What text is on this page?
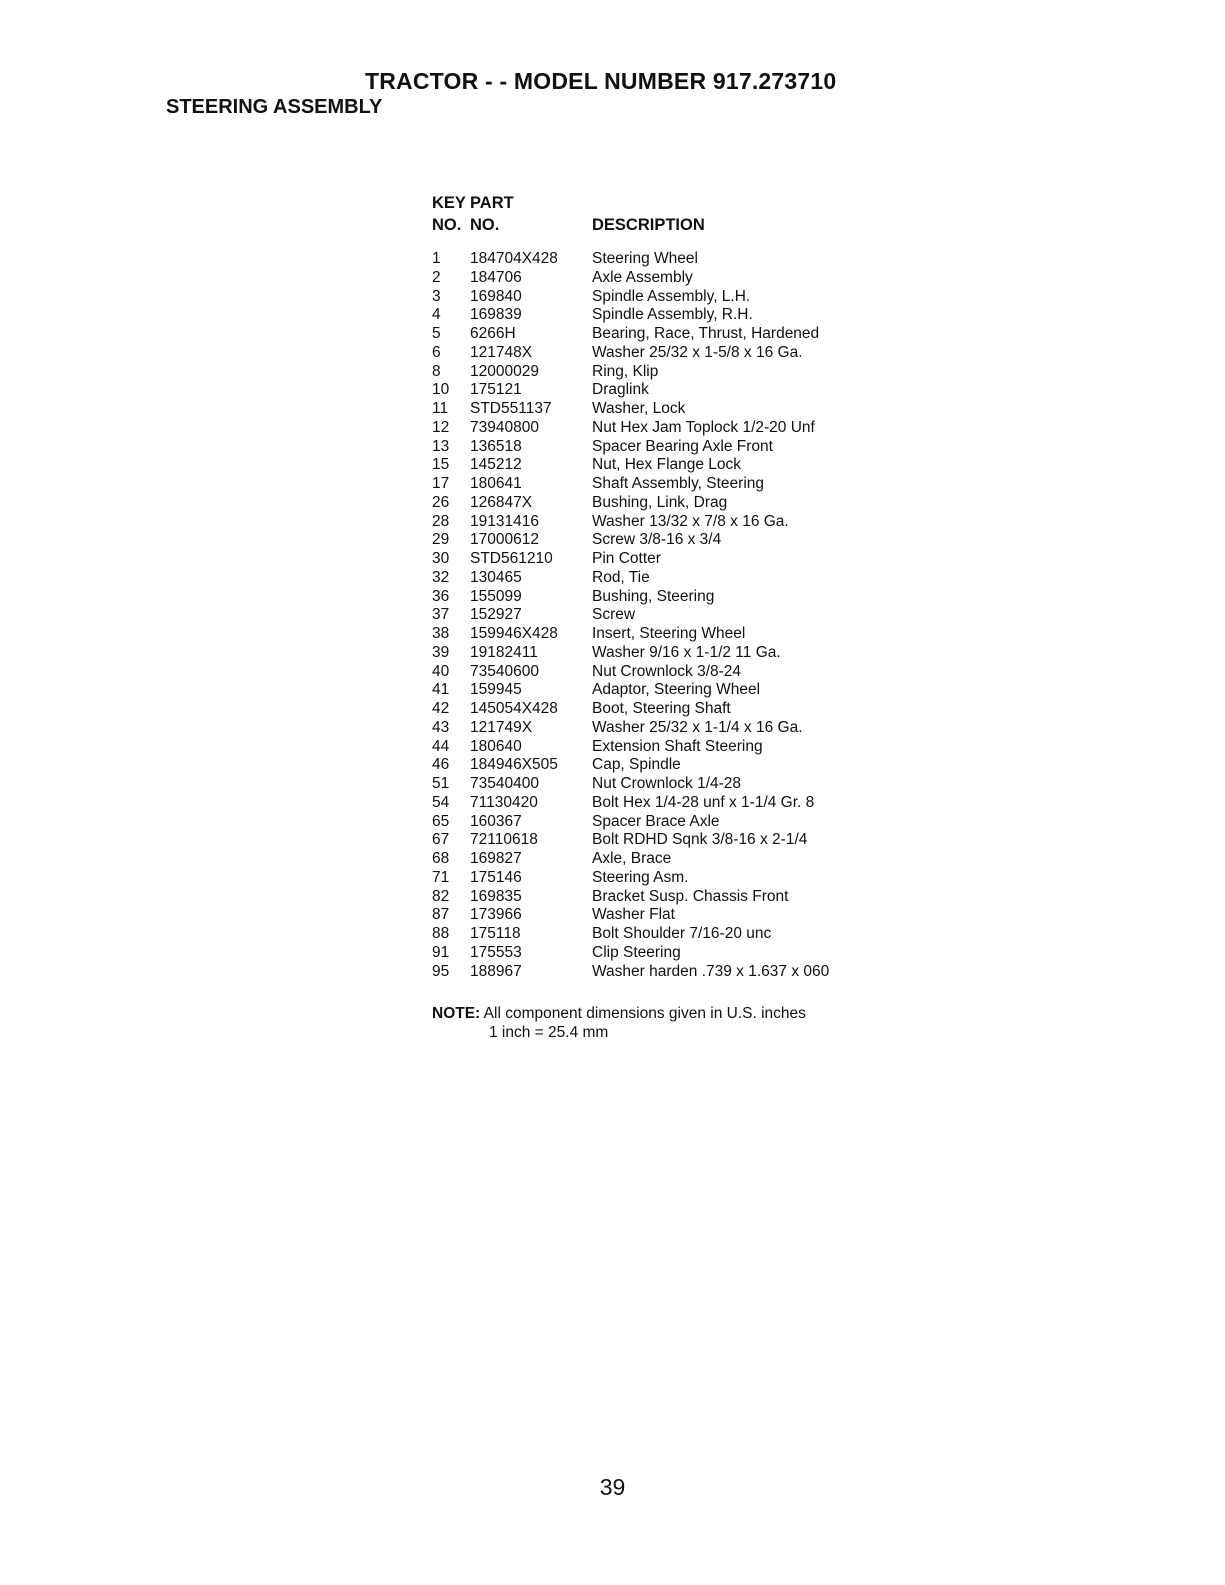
TRACTOR - - MODEL NUMBER 917.273710
STEERING ASSEMBLY
KEY PART
NO. NO.	DESCRIPTION
1 184704X428 Steering Wheel
2 184706	Axle Assembly
3 169840	Spindle Assembly, L.H.
4 169839	Spindle Assembly, R.H.
5 6266H	Bearing, Race, Thrust, Hardened
6 121748X	Washer 25/32 x 1-5/8 x 16 Ga.
8 12000029	Ring, Klip
10 175121	Draglink
11 STD551137	Washer, Lock
12 73940800	Nut Hex Jam Toplock 1/2-20 Unf
13 136518	Spacer Bearing Axle Front
15 145212	Nut, Hex Flange Lock
17 180641	Shaft Assembly, Steering
26 126847X	Bushing, Link, Drag
28 19131416	Washer 13/32 x 7/8 x 16 Ga.
29 17000612	Screw 3/8-16 x 3/4
30 STD561210	Pin Cotter
32 130465	Rod, Tie
36 155099	Bushing, Steering
37 152927	Screw
38 159946X428 Insert, Steering Wheel
39 19182411	Washer 9/16 x 1-1/2 11 Ga.
40 73540600	Nut Crownlock 3/8-24
41 159945	Adaptor, Steering Wheel
42 145054X428 Boot, Steering Shaft
43 121749X	Washer 25/32 x 1-1/4 x 16 Ga.
44 180640	Extension Shaft Steering
46 184946X505 Cap, Spindle
51 73540400	Nut Crownlock 1/4-28
54 71130420	Bolt Hex 1/4-28 unf x 1-1/4 Gr. 8
65 160367	Spacer Brace Axle
67 72110618	Bolt RDHD Sqnk 3/8-16 x 2-1/4
68 169827	Axle, Brace
71 175146	Steering Asm.
82 169835	Bracket Susp. Chassis Front
87 173966	Washer Flat
88 175118	Bolt Shoulder 7/16-20 unc
91 175553	Clip Steering
95 188967	Washer harden .739 x 1.637 x 060
NOTE: All component dimensions given in U.S. inches
1 inch = 25.4 mm
39
